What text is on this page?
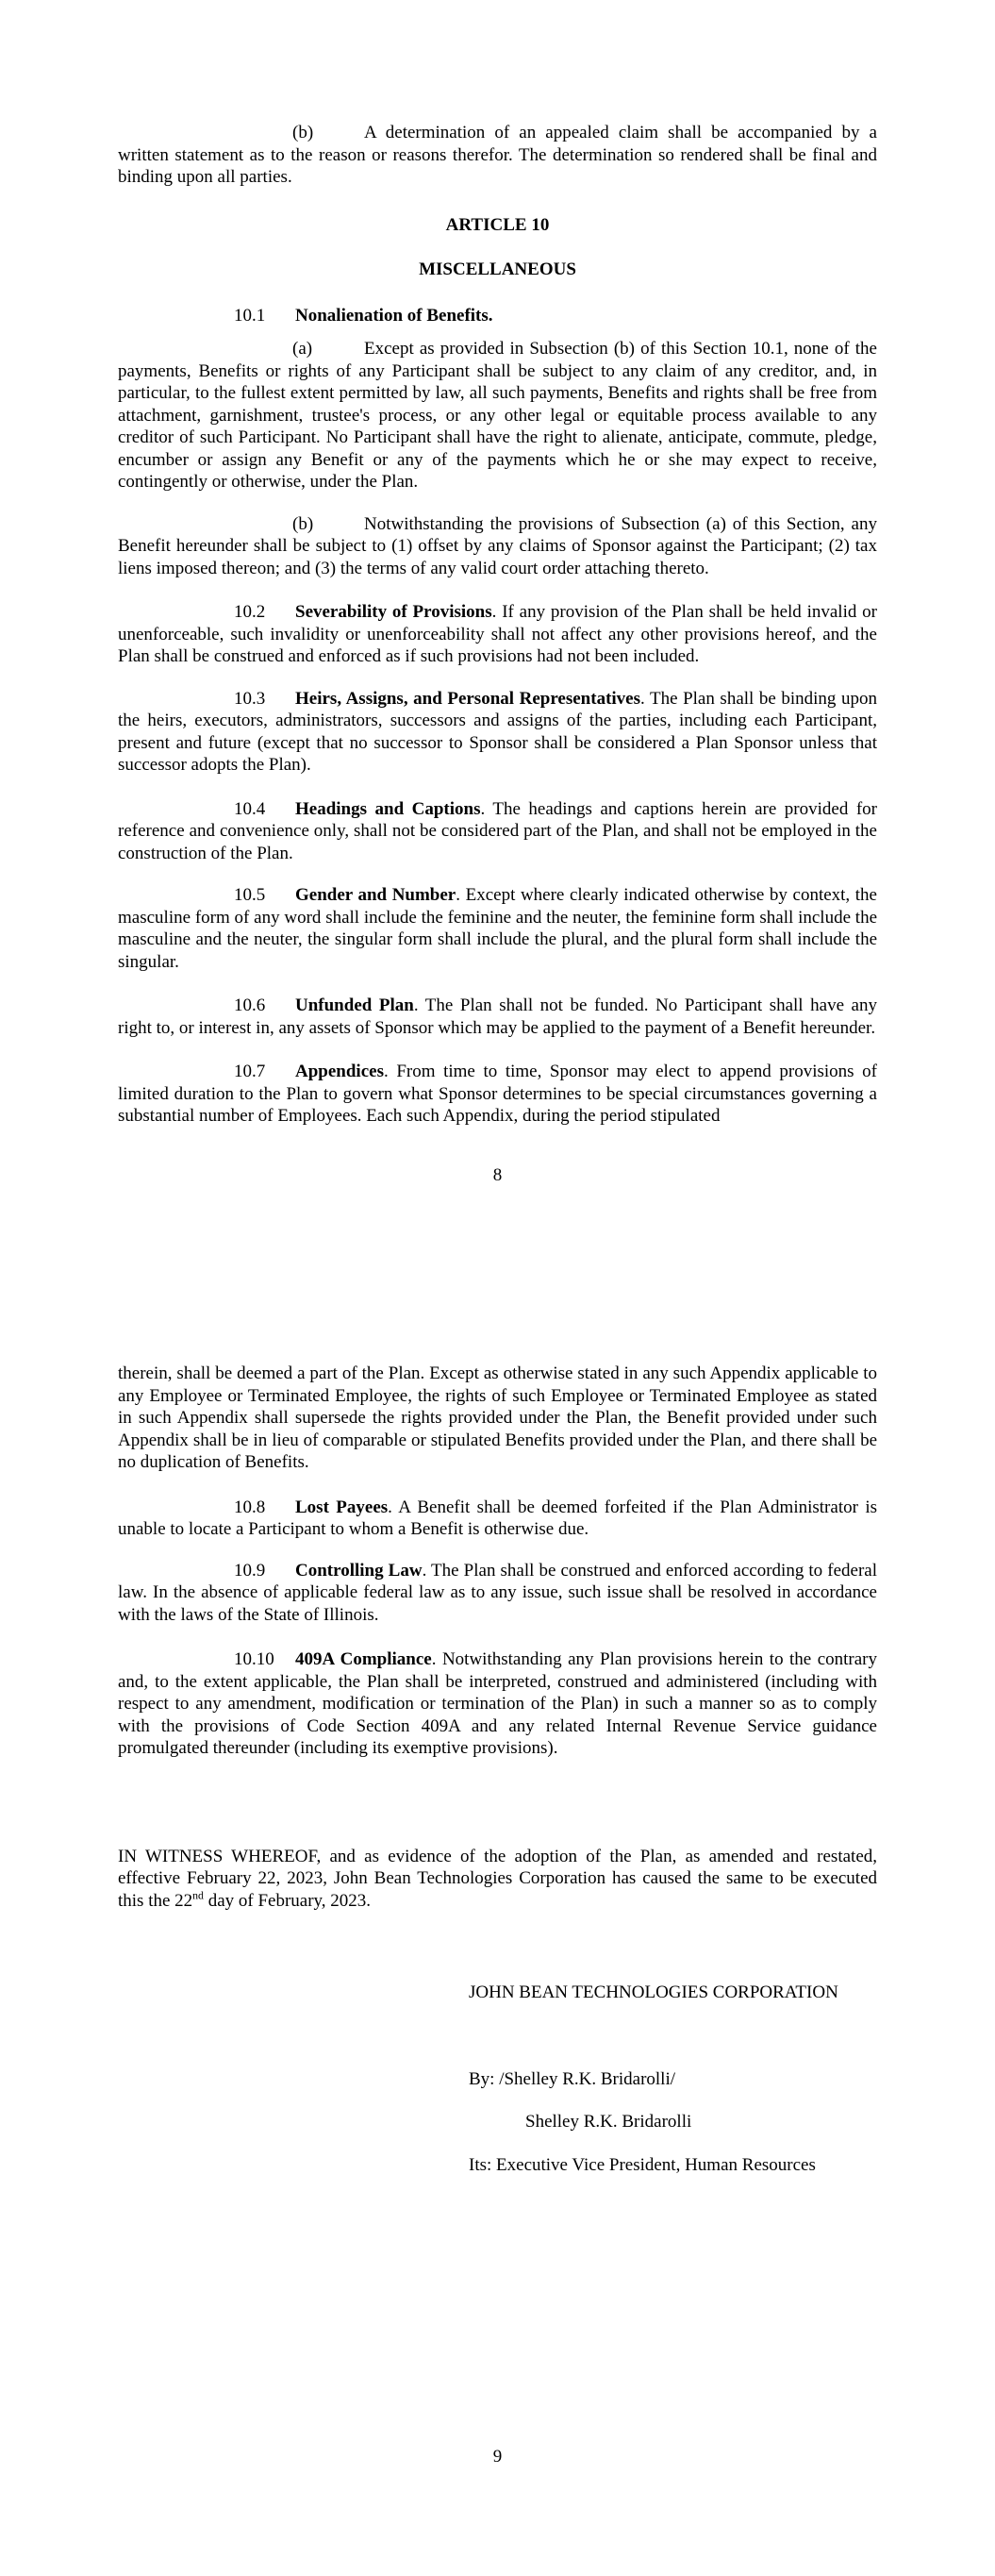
(b)	A determination of an appealed claim shall be accompanied by a written statement as to the reason or reasons therefor. The determination so rendered shall be final and binding upon all parties.

ARTICLE 10

MISCELLANEOUS

10.1 Nonalienation of Benefits.

(a)	Except as provided in Subsection (b) of this Section 10.1, none of the payments, Benefits or rights of any Participant shall be subject to any claim of any creditor, and, in particular, to the fullest extent permitted by law, all such payments, Benefits and rights shall be free from attachment, garnishment, trustee's process, or any other legal or equitable process available to any creditor of such Participant. No Participant shall have the right to alienate, anticipate, commute, pledge, encumber or assign any Benefit or any of the payments which he or she may expect to receive, contingently or otherwise, under the Plan.

(b)	Notwithstanding the provisions of Subsection (a) of this Section, any Benefit hereunder shall be subject to (1) offset by any claims of Sponsor against the Participant; (2) tax liens imposed thereon; and (3) the terms of any valid court order attaching thereto.

10.2 Severability of Provisions. If any provision of the Plan shall be held invalid or unenforceable, such invalidity or unenforceability shall not affect any other provisions hereof, and the Plan shall be construed and enforced as if such provisions had not been included.

10.3 Heirs, Assigns, and Personal Representatives. The Plan shall be binding upon the heirs, executors, administrators, successors and assigns of the parties, including each Participant, present and future (except that no successor to Sponsor shall be considered a Plan Sponsor unless that successor adopts the Plan).

10.4 Headings and Captions. The headings and captions herein are provided for reference and convenience only, shall not be considered part of the Plan, and shall not be employed in the construction of the Plan.

10.5 Gender and Number. Except where clearly indicated otherwise by context, the masculine form of any word shall include the feminine and the neuter, the feminine form shall include the masculine and the neuter, the singular form shall include the plural, and the plural form shall include the singular.

10.6 Unfunded Plan. The Plan shall not be funded. No Participant shall have any right to, or interest in, any assets of Sponsor which may be applied to the payment of a Benefit hereunder.

10.7 Appendices. From time to time, Sponsor may elect to append provisions of limited duration to the Plan to govern what Sponsor determines to be special circumstances governing a substantial number of Employees. Each such Appendix, during the period stipulated

8

therein, shall be deemed a part of the Plan. Except as otherwise stated in any such Appendix applicable to any Employee or Terminated Employee, the rights of such Employee or Terminated Employee as stated in such Appendix shall supersede the rights provided under the Plan, the Benefit provided under such Appendix shall be in lieu of comparable or stipulated Benefits provided under the Plan, and there shall be no duplication of Benefits.

10.8 Lost Payees. A Benefit shall be deemed forfeited if the Plan Administrator is unable to locate a Participant to whom a Benefit is otherwise due.

10.9 Controlling Law. The Plan shall be construed and enforced according to federal law. In the absence of applicable federal law as to any issue, such issue shall be resolved in accordance with the laws of the State of Illinois.

10.10 409A Compliance. Notwithstanding any Plan provisions herein to the contrary and, to the extent applicable, the Plan shall be interpreted, construed and administered (including with respect to any amendment, modification or termination of the Plan) in such a manner so as to comply with the provisions of Code Section 409A and any related Internal Revenue Service guidance promulgated thereunder (including its exemptive provisions).

IN WITNESS WHEREOF, and as evidence of the adoption of the Plan, as amended and restated, effective February 22, 2023, John Bean Technologies Corporation has caused the same to be executed this the 22nd day of February, 2023.

JOHN BEAN TECHNOLOGIES CORPORATION

By: /Shelley R.K. Bridarolli/

Shelley R.K. Bridarolli

Its: Executive Vice President, Human Resources

9
